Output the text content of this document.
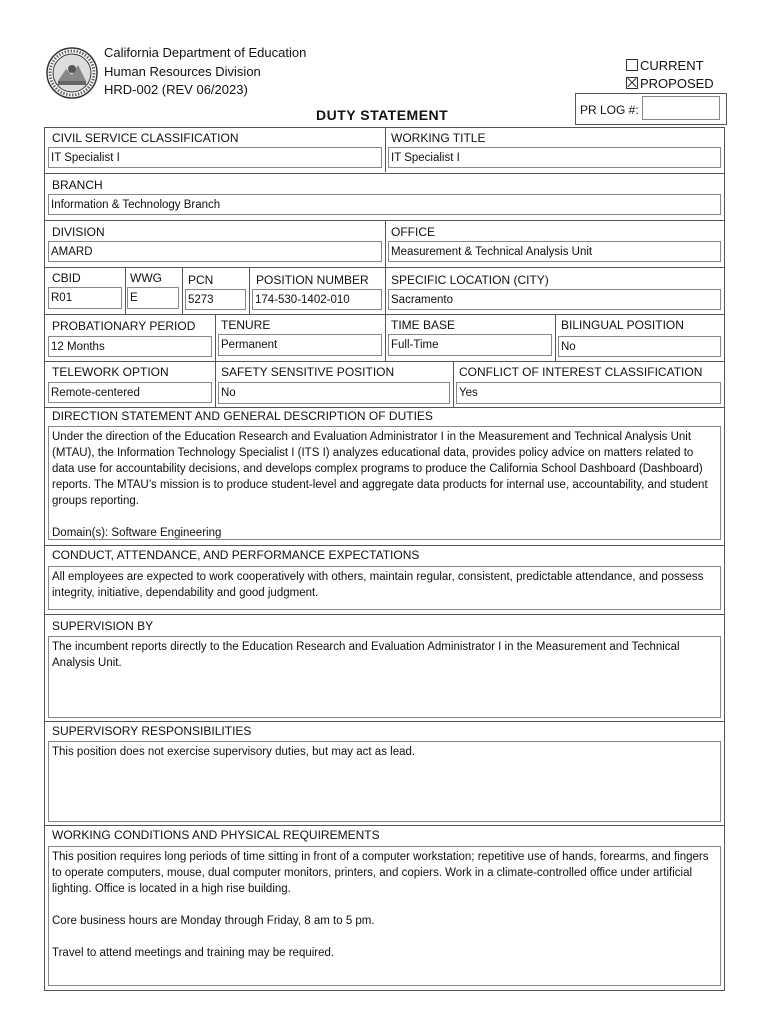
California Department of Education
Human Resources Division
HRD-002 (REV 06/2023)
CURRENT
PROPOSED
DUTY STATEMENT	PR LOG #:
CIVIL SERVICE CLASSIFICATION
IT Specialist I
WORKING TITLE
IT Specialist I
BRANCH
Information & Technology Branch
DIVISION
AMARD
OFFICE
Measurement & Technical Analysis Unit
CBID
R01
WWG
E
PCN
5273
POSITION NUMBER
174-530-1402-010
SPECIFIC LOCATION (CITY)
Sacramento
PROBATIONARY PERIOD
12 Months
TENURE
Permanent
TIME BASE
Full-Time
BILINGUAL POSITION
No
TELEWORK OPTION
Remote-centered
SAFETY SENSITIVE POSITION
No
CONFLICT OF INTEREST CLASSIFICATION
Yes
DIRECTION STATEMENT AND GENERAL DESCRIPTION OF DUTIES

Under the direction of the Education Research and Evaluation Administrator I in the Measurement and Technical Analysis Unit (MTAU), the Information Technology Specialist I (ITS I) analyzes educational data, provides policy advice on matters related to data use for accountability decisions, and develops complex programs to produce the California School Dashboard (Dashboard) reports. The MTAU’s mission is to produce student-level and aggregate data products for internal use, accountability, and student groups reporting.

Domain(s): Software Engineering

CONDUCT, ATTENDANCE, AND PERFORMANCE EXPECTATIONS

All employees are expected to work cooperatively with others, maintain regular, consistent, predictable attendance, and possess integrity, initiative, dependability and good judgment.

SUPERVISION BY

The incumbent reports directly to the Education Research and Evaluation Administrator I in the Measurement and Technical Analysis Unit.

SUPERVISORY RESPONSIBILITIES

This position does not exercise supervisory duties, but may act as lead.

WORKING CONDITIONS AND PHYSICAL REQUIREMENTS

This position requires long periods of time sitting in front of a computer workstation; repetitive use of hands, forearms, and fingers to operate computers, mouse, dual computer monitors, printers, and copiers. Work in a climate-controlled office under artificial lighting. Office is located in a high rise building.

Core business hours are Monday through Friday, 8 am to 5 pm.

Travel to attend meetings and training may be required.
